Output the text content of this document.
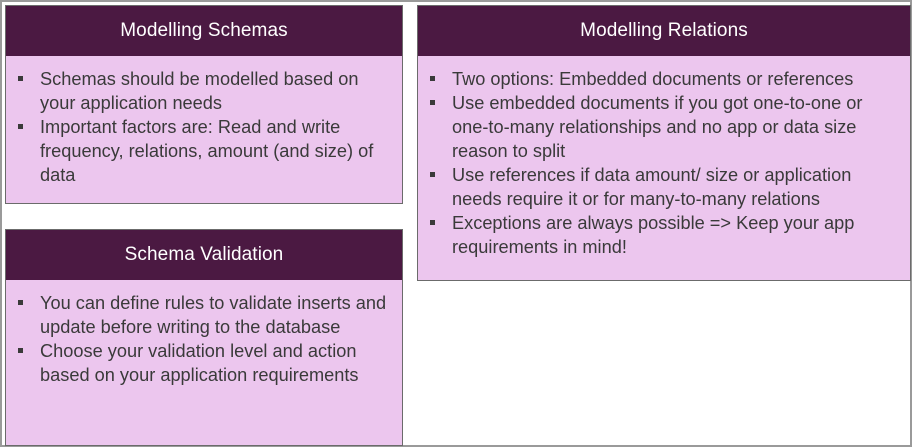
Modelling Schemas
Schemas should be modelled based on your application needs
Important factors are: Read and write frequency, relations, amount (and size) of data
Schema Validation
You can define rules to validate inserts and update before writing to the database
Choose your validation level and action based on your application requirements
Modelling Relations
Two options: Embedded documents or references
Use embedded documents if you got one-to-one or one-to-many relationships and no app or data size reason to split
Use references if data amount/ size or application needs require it or for many-to-many relations
Exceptions are always possible => Keep your app requirements in mind!
